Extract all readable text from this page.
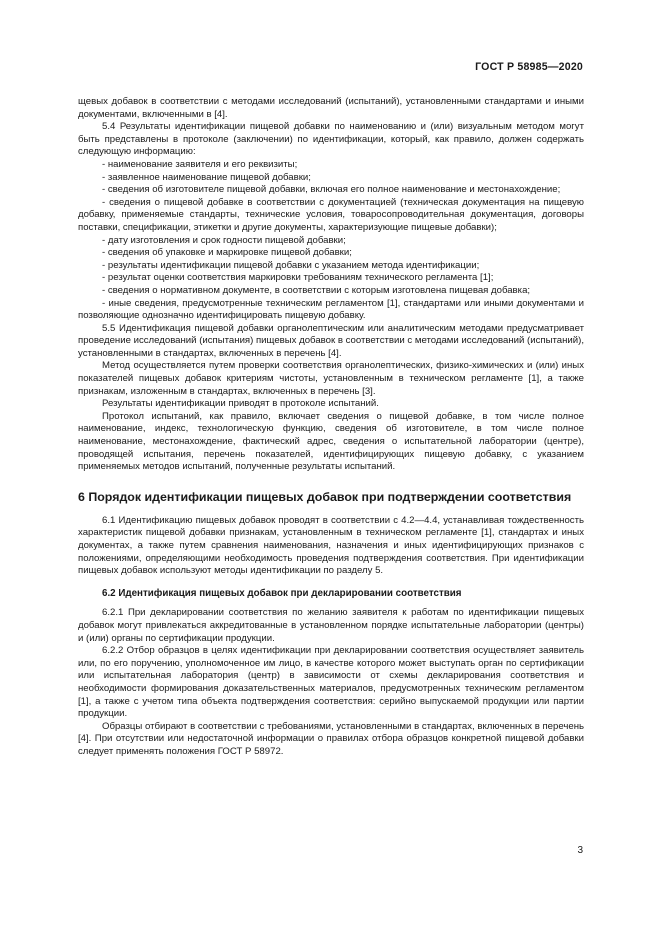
ГОСТ Р 58985—2020

щевых добавок в соответствии с методами исследований (испытаний), установленными стандартами и иными документами, включенными в [4].

5.4 Результаты идентификации пищевой добавки по наименованию и (или) визуальным методом могут быть представлены в протоколе (заключении) по идентификации, который, как правило, должен содержать следующую информацию:

- наименование заявителя и его реквизиты;

- заявленное наименование пищевой добавки;

- сведения об изготовителе пищевой добавки, включая его полное наименование и местонахождение;

- сведения о пищевой добавке в соответствии с документацией (техническая документация на пищевую добавку, применяемые стандарты, технические условия, товаросопроводительная документация, договоры поставки, спецификации, этикетки и другие документы, характеризующие пищевые добавки);

- дату изготовления и срок годности пищевой добавки;

- сведения об упаковке и маркировке пищевой добавки;

- результаты идентификации пищевой добавки с указанием метода идентификации;

- результат оценки соответствия маркировки требованиям технического регламента [1];

- сведения о нормативном документе, в соответствии с которым изготовлена пищевая добавка;

- иные сведения, предусмотренные техническим регламентом [1], стандартами или иными документами и позволяющие однозначно идентифицировать пищевую добавку.

5.5 Идентификация пищевой добавки органолептическим или аналитическим методами предусматривает проведение исследований (испытания) пищевых добавок в соответствии с методами исследований (испытаний), установленными в стандартах, включенных в перечень [4].

Метод осуществляется путем проверки соответствия органолептических, физико-химических и (или) иных показателей пищевых добавок критериям чистоты, установленным в техническом регламенте [1], а также признакам, изложенным в стандартах, включенных в перечень [3].

Результаты идентификации приводят в протоколе испытаний.

Протокол испытаний, как правило, включает сведения о пищевой добавке, в том числе полное наименование, индекс, технологическую функцию, сведения об изготовителе, в том числе полное наименование, местонахождение, фактический адрес, сведения о испытательной лаборатории (центре), проводящей испытания, перечень показателей, идентифицирующих пищевую добавку, с указанием применяемых методов испытаний, полученные результаты испытаний.

6 Порядок идентификации пищевых добавок при подтверждении соответствия

6.1 Идентификацию пищевых добавок проводят в соответствии с 4.2—4.4, устанавливая тождественность характеристик пищевой добавки признакам, установленным в техническом регламенте [1], стандартах и иных документах, а также путем сравнения наименования, назначения и иных идентифицирующих признаков с положениями, определяющими необходимость проведения подтверждения соответствия. При идентификации пищевых добавок используют методы идентификации по разделу 5.

6.2 Идентификация пищевых добавок при декларировании соответствия

6.2.1 При декларировании соответствия по желанию заявителя к работам по идентификации пищевых добавок могут привлекаться аккредитованные в установленном порядке испытательные лаборатории (центры) и (или) органы по сертификации продукции.

6.2.2 Отбор образцов в целях идентификации при декларировании соответствия осуществляет заявитель или, по его поручению, уполномоченное им лицо, в качестве которого может выступать орган по сертификации или испытательная лаборатория (центр) в зависимости от схемы декларирования соответствия и необходимости формирования доказательственных материалов, предусмотренных техническим регламентом [1], а также с учетом типа объекта подтверждения соответствия: серийно выпускаемой продукции или партии продукции.

Образцы отбирают в соответствии с требованиями, установленными в стандартах, включенных в перечень [4]. При отсутствии или недостаточной информации о правилах отбора образцов конкретной пищевой добавки следует применять положения ГОСТ Р 58972.

3
